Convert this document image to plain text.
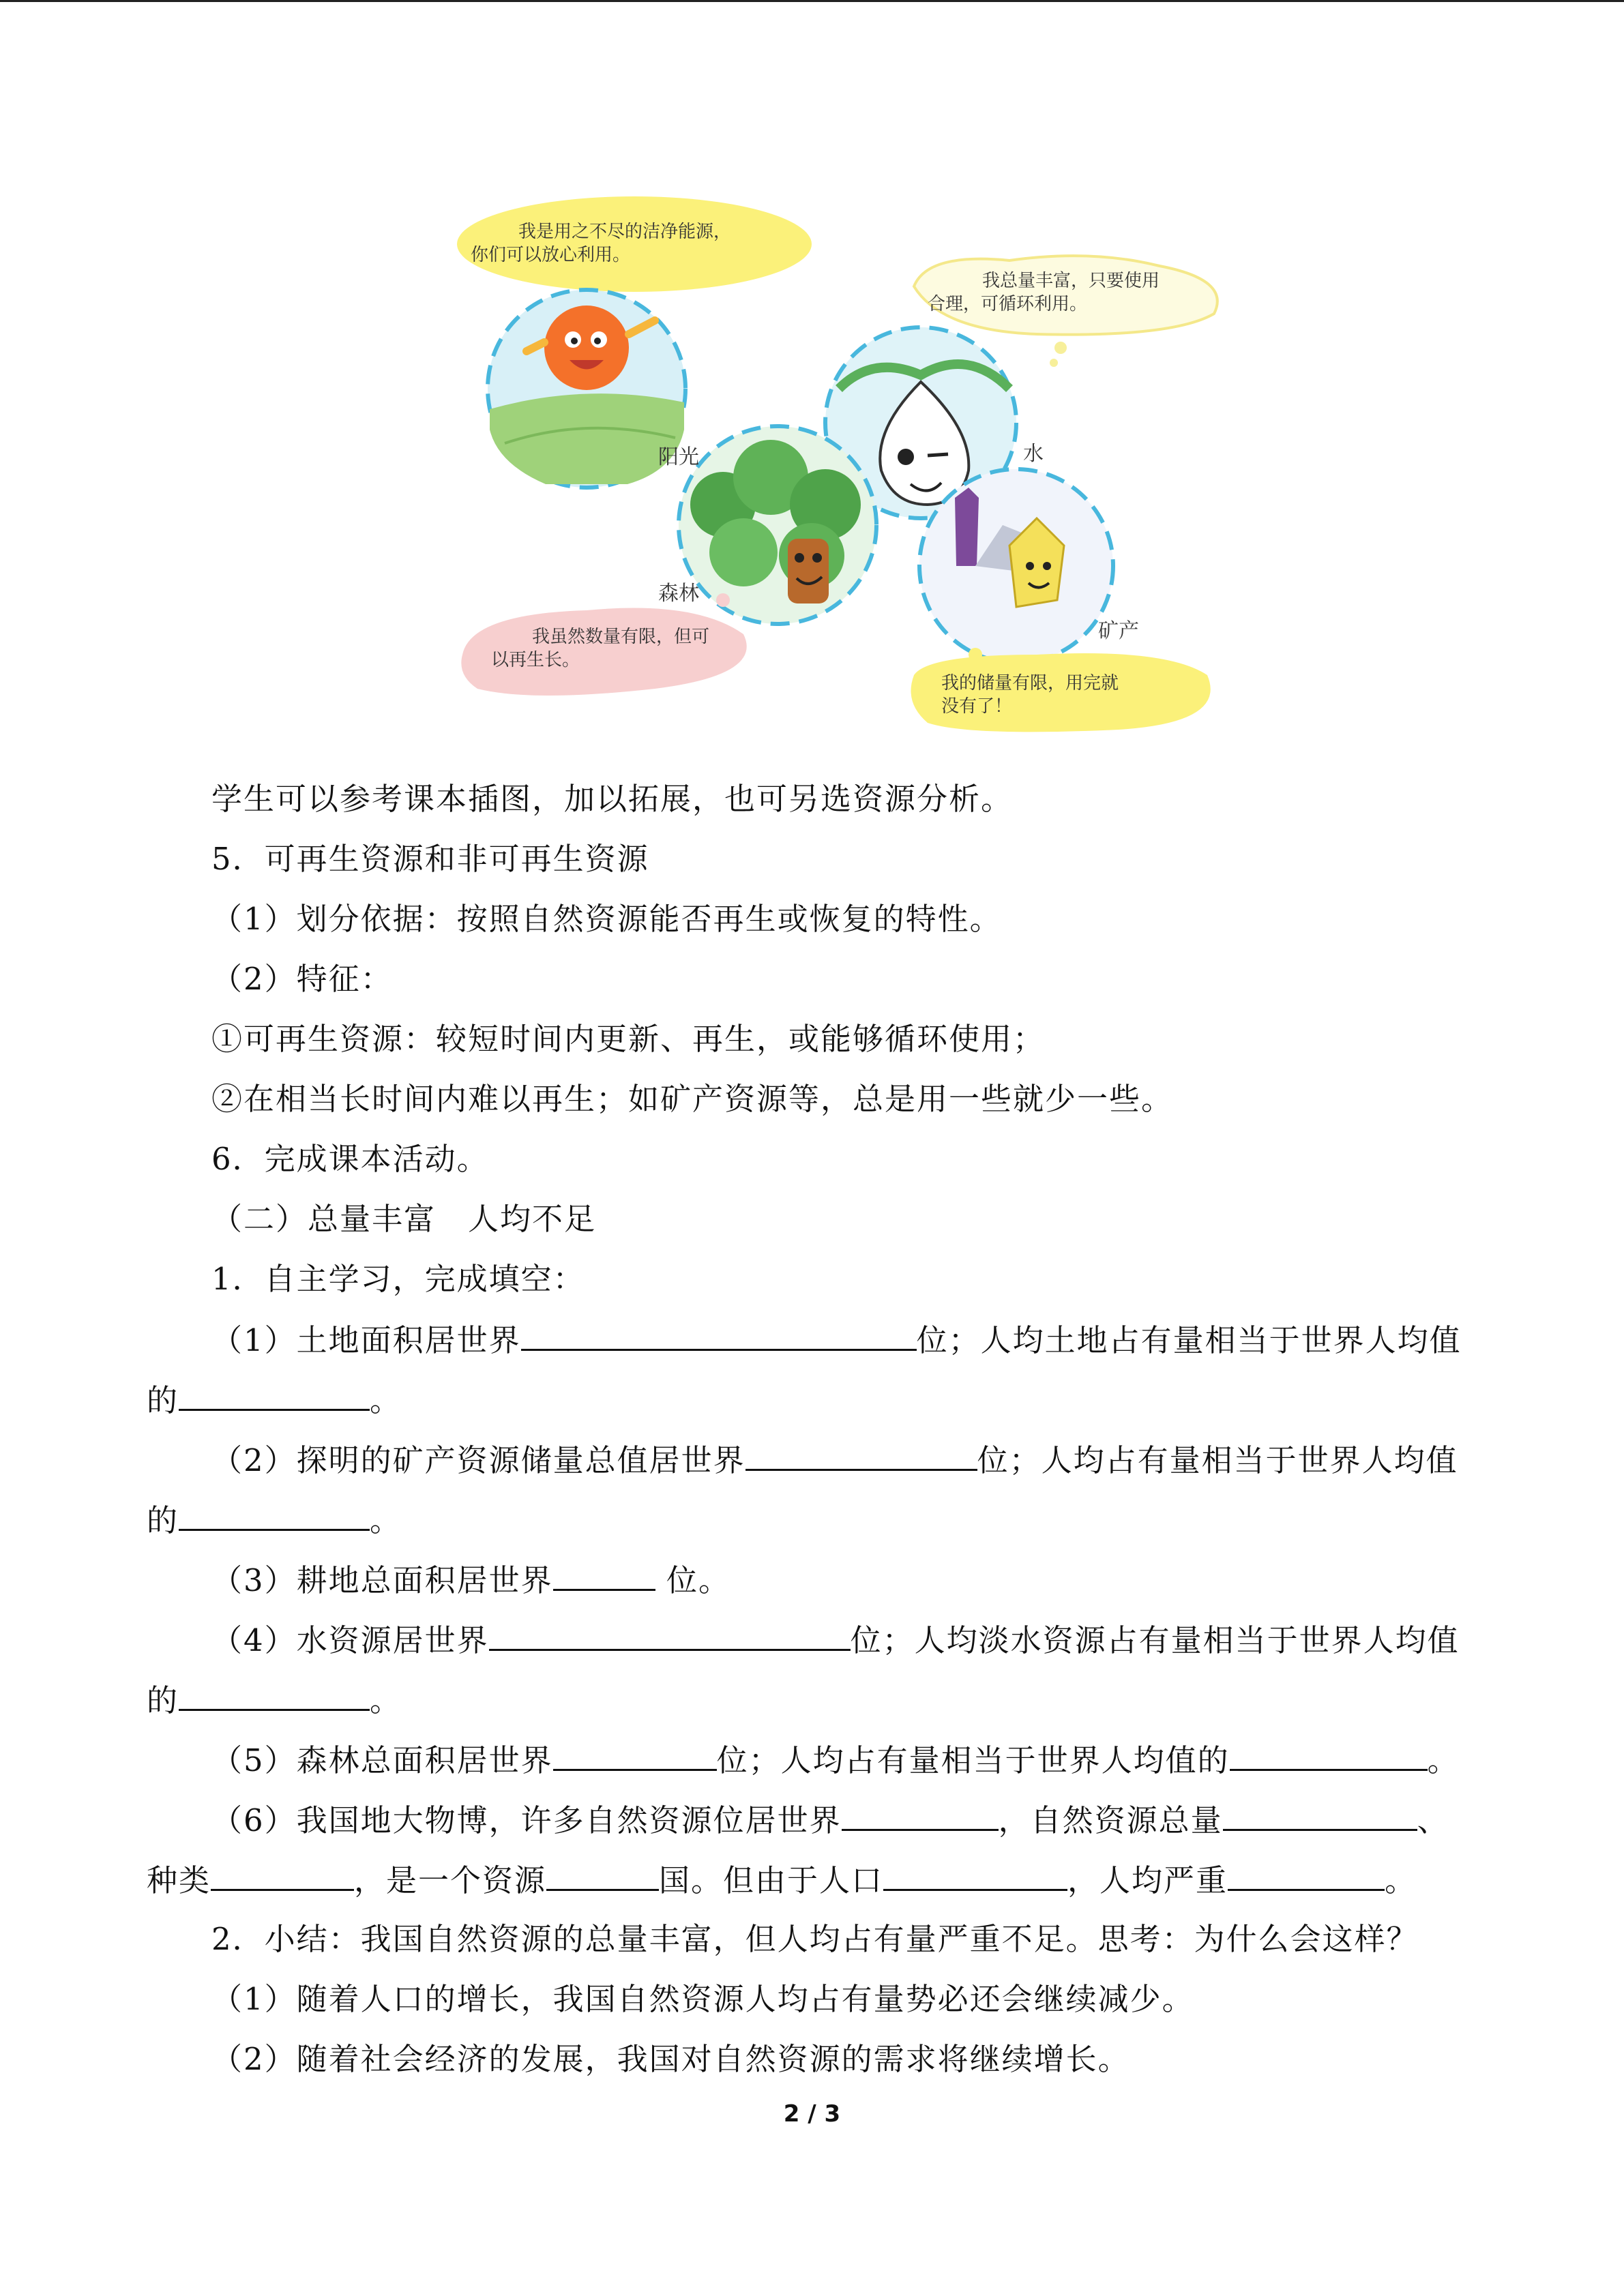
我是用之不尽的洁净能源，
你们可以放心利用。
我总量丰富，只要使用
合理，可循环利用。
水
阳光
森林
矿产
我虽然数量有限，但可
以再生长。
我的储量有限，用完就
没有了！
学生可以参考课本插图，加以拓展，也可另选资源分析。
5．可再生资源和非可再生资源
（1）划分依据：按照自然资源能否再生或恢复的特性。
（2）特征：
①可再生资源：较短时间内更新、再生，或能够循环使用；
②在相当长时间内难以再生；如矿产资源等，总是用一些就少一些。
6．完成课本活动。
（二）总量丰富　人均不足
1．自主学习，完成填空：
（1）土地面积居世界	位；人均土地占有量相当于世界人均值
的	。
（2）探明的矿产资源储量总值居世界	位；人均占有量相当于世界人均值
的	。
（3）耕地总面积居世界	位。
（4）水资源居世界	位；人均淡水资源占有量相当于世界人均值
的	。
（5）森林总面积居世界	位；人均占有量相当于世界人均值的	。
（6）我国地大物博，许多自然资源位居世界	，自然资源总量	、
种类	，是一个资源	国。但由于人口	，人均严重	。
2．小结：我国自然资源的总量丰富，但人均占有量严重不足。思考：为什么会这样？
（1）随着人口的增长，我国自然资源人均占有量势必还会继续减少。
（2）随着社会经济的发展，我国对自然资源的需求将继续增长。
2 / 3
